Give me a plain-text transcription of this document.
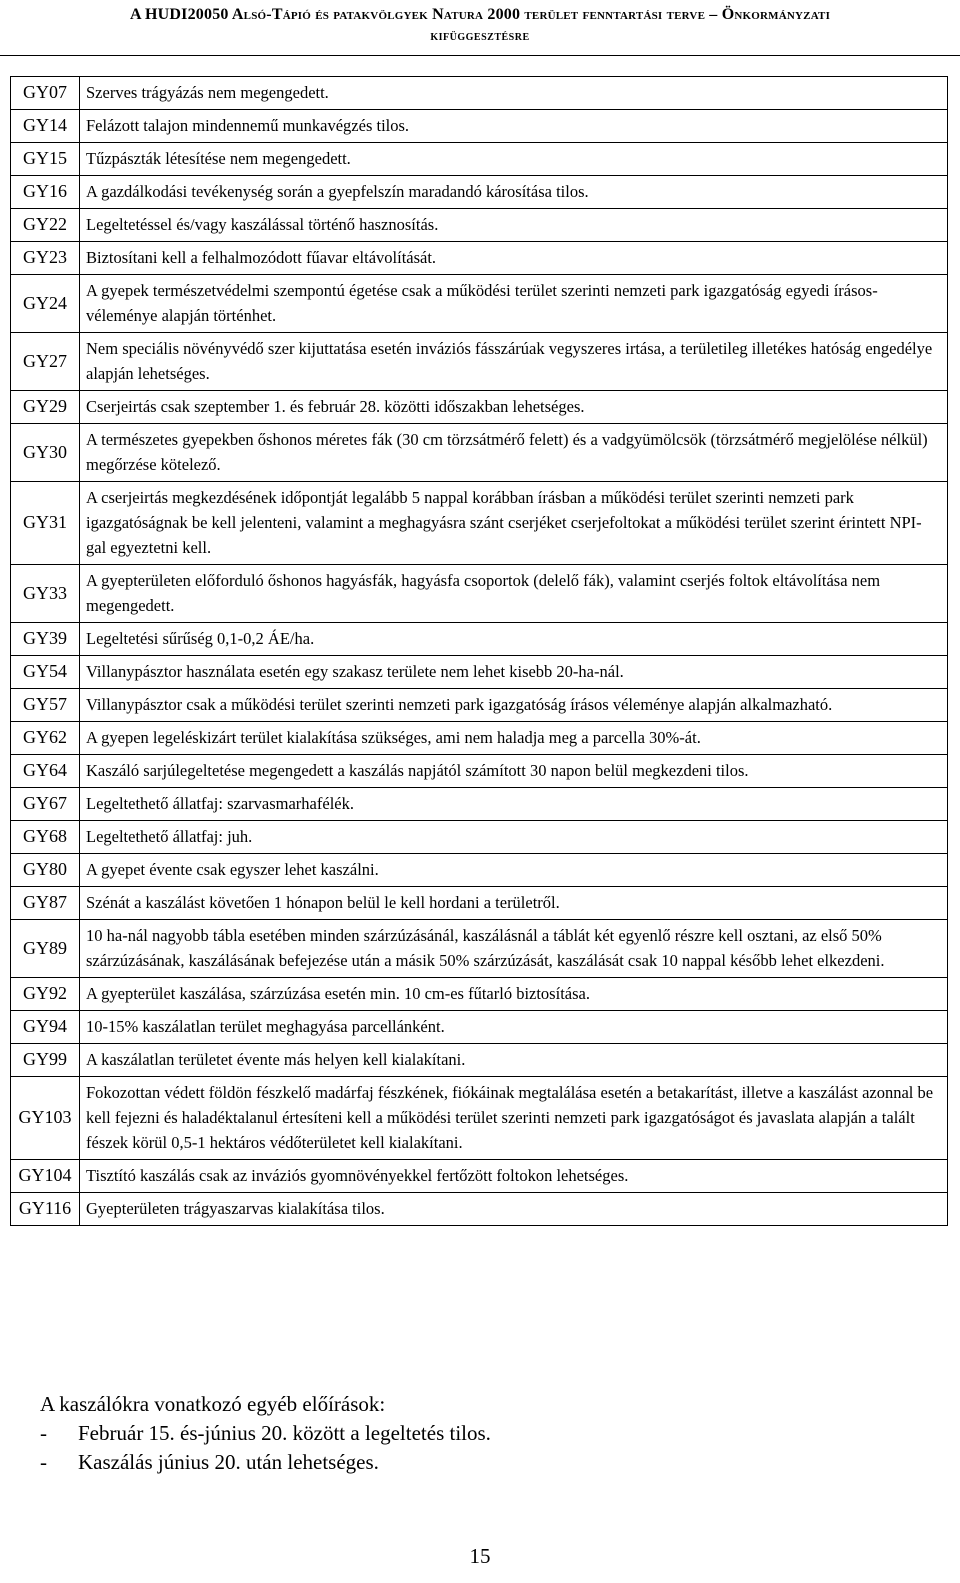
A HUDI20050 Alsó-Tápió és patakvölgyek Natura 2000 terület fenntartási terve – Önkormányzati
kifüggesztésre
GY07	Szerves trágyázás nem megengedett.
GY14	Felázott talajon mindennemű munkavégzés tilos.
GY15	Tűzpászták létesítése nem megengedett.
GY16	A gazdálkodási tevékenység során a gyepfelszín maradandó károsítása tilos.
GY22	Legeltetéssel és/vagy kaszálással történő hasznosítás.
GY23	Biztosítani kell a felhalmozódott fűavar eltávolítását.
GY24	A gyepek természetvédelmi szempontú égetése csak a működési terület szerinti nemzeti park igazgatóság egyedi írásos-véleménye alapján történhet.
GY27	Nem speciális növényvédő szer kijuttatása esetén inváziós fásszárúak vegyszeres irtása, a területileg illetékes hatóság engedélye alapján lehetséges.
GY29	Cserjeirtás csak szeptember 1. és február 28. közötti időszakban lehetséges.
GY30	A természetes gyepekben őshonos méretes fák (30 cm törzsátmérő felett) és a vadgyümölcsök (törzsátmérő megjelölése nélkül) megőrzése kötelező.
GY31	A cserjeirtás megkezdésének időpontját legalább 5 nappal korábban írásban a működési terület szerinti nemzeti park igazgatóságnak be kell jelenteni, valamint a meghagyásra szánt cserjéket cserjefoltokat a működési terület szerint érintett NPI-gal egyeztetni kell.
GY33	A gyepterületen előforduló őshonos hagyásfák, hagyásfa csoportok (delelő fák), valamint cserjés foltok eltávolítása nem megengedett.
GY39	Legeltetési sűrűség 0,1-0,2 ÁE/ha.
GY54	Villanypásztor használata esetén egy szakasz területe nem lehet kisebb 20-ha-nál.
GY57	Villanypásztor csak a működési terület szerinti nemzeti park igazgatóság írásos véleménye alapján alkalmazható.
GY62	A gyepen legeléskizárt terület kialakítása szükséges, ami nem haladja meg a parcella 30%-át.
GY64	Kaszáló sarjúlegeltetése megengedett a kaszálás napjától számított 30 napon belül megkezdeni tilos.
GY67	Legeltethető állatfaj: szarvasmarhafélék.
GY68	Legeltethető állatfaj: juh.
GY80	A gyepet évente csak egyszer lehet kaszálni.
GY87	Szénát a kaszálást követően 1 hónapon belül le kell hordani a területről.
GY89	10 ha-nál nagyobb tábla esetében minden szárzúzásánál, kaszálásnál a táblát két egyenlő részre kell osztani, az első 50% szárzúzásának, kaszálásának befejezése után a másik 50% szárzúzását, kaszálását csak 10 nappal később lehet elkezdeni.
GY92	A gyepterület kaszálása, szárzúzása esetén min. 10 cm-es fűtarló biztosítása.
GY94	10-15% kaszálatlan terület meghagyása parcellánként.
GY99	A kaszálatlan területet évente más helyen kell kialakítani.
GY103	Fokozottan védett földön fészkelő madárfaj fészkének, fiókáinak megtalálása esetén a betakarítást, illetve a kaszálást azonnal be kell fejezni és haladéktalanul értesíteni kell a működési terület szerinti nemzeti park igazgatóságot és javaslata alapján a talált fészek körül 0,5-1 hektáros védőterületet kell kialakítani.
GY104	Tisztító kaszálás csak az inváziós gyomnövényekkel fertőzött foltokon lehetséges.
GY116	Gyepterületen trágyaszarvas kialakítása tilos.
A kaszálókra vonatkozó egyéb előírások:
- Február 15. és-június 20. között a legeltetés tilos.
- Kaszálás június 20. után lehetséges.
15
